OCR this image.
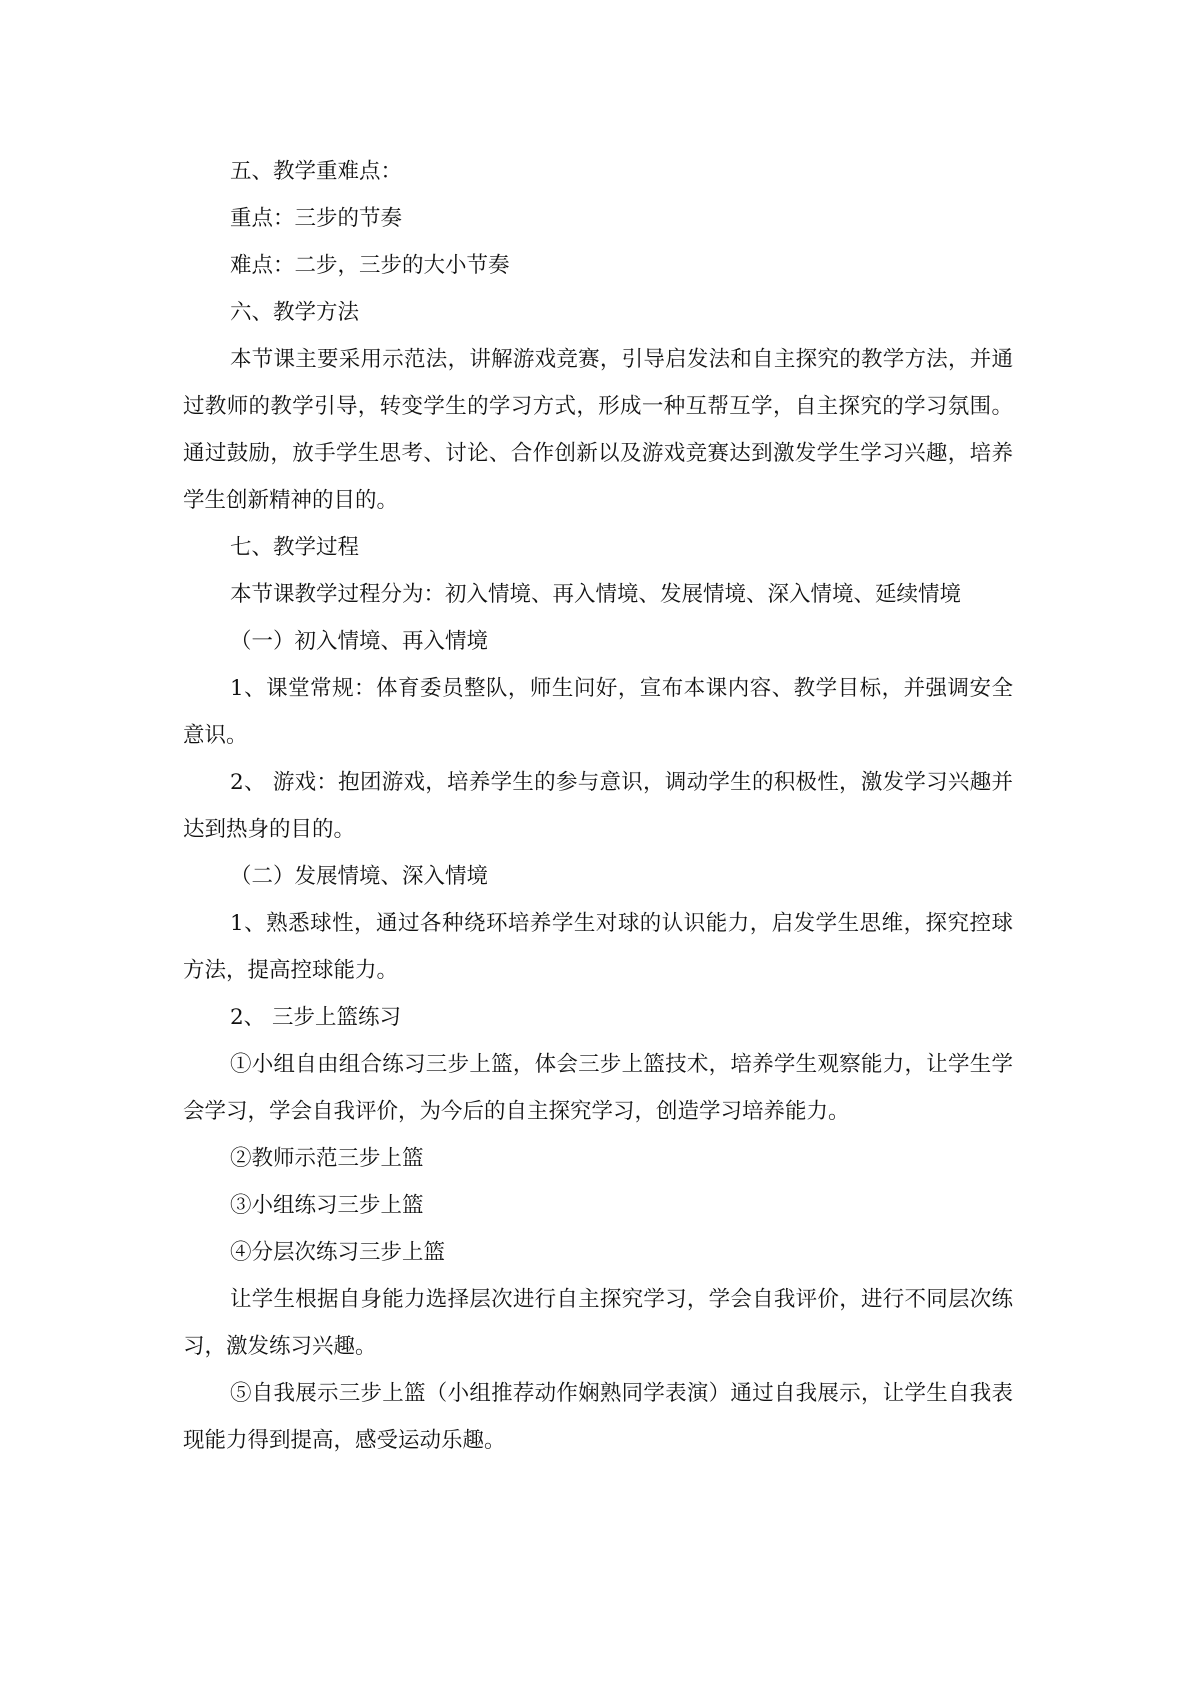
五、教学重难点：

重点：三步的节奏

难点：二步，三步的大小节奏

六、教学方法

本节课主要采用示范法，讲解游戏竞赛，引导启发法和自主探究的教学方法，并通过教师的教学引导，转变学生的学习方式，形成一种互帮互学，自主探究的学习氛围。通过鼓励，放手学生思考、讨论、合作创新以及游戏竞赛达到激发学生学习兴趣，培养学生创新精神的目的。

七、教学过程

本节课教学过程分为：初入情境、再入情境、发展情境、深入情境、延续情境

（一）初入情境、再入情境

1、课堂常规：体育委员整队，师生问好，宣布本课内容、教学目标，并强调安全意识。

2、 游戏：抱团游戏，培养学生的参与意识，调动学生的积极性，激发学习兴趣并达到热身的目的。

（二）发展情境、深入情境

1、熟悉球性，通过各种绕环培养学生对球的认识能力，启发学生思维，探究控球方法，提高控球能力。

2、 三步上篮练习

①小组自由组合练习三步上篮，体会三步上篮技术，培养学生观察能力，让学生学会学习，学会自我评价，为今后的自主探究学习，创造学习培养能力。

②教师示范三步上篮

③小组练习三步上篮

④分层次练习三步上篮

让学生根据自身能力选择层次进行自主探究学习，学会自我评价，进行不同层次练习，激发练习兴趣。

⑤自我展示三步上篮（小组推荐动作娴熟同学表演）通过自我展示，让学生自我表现能力得到提高，感受运动乐趣。
